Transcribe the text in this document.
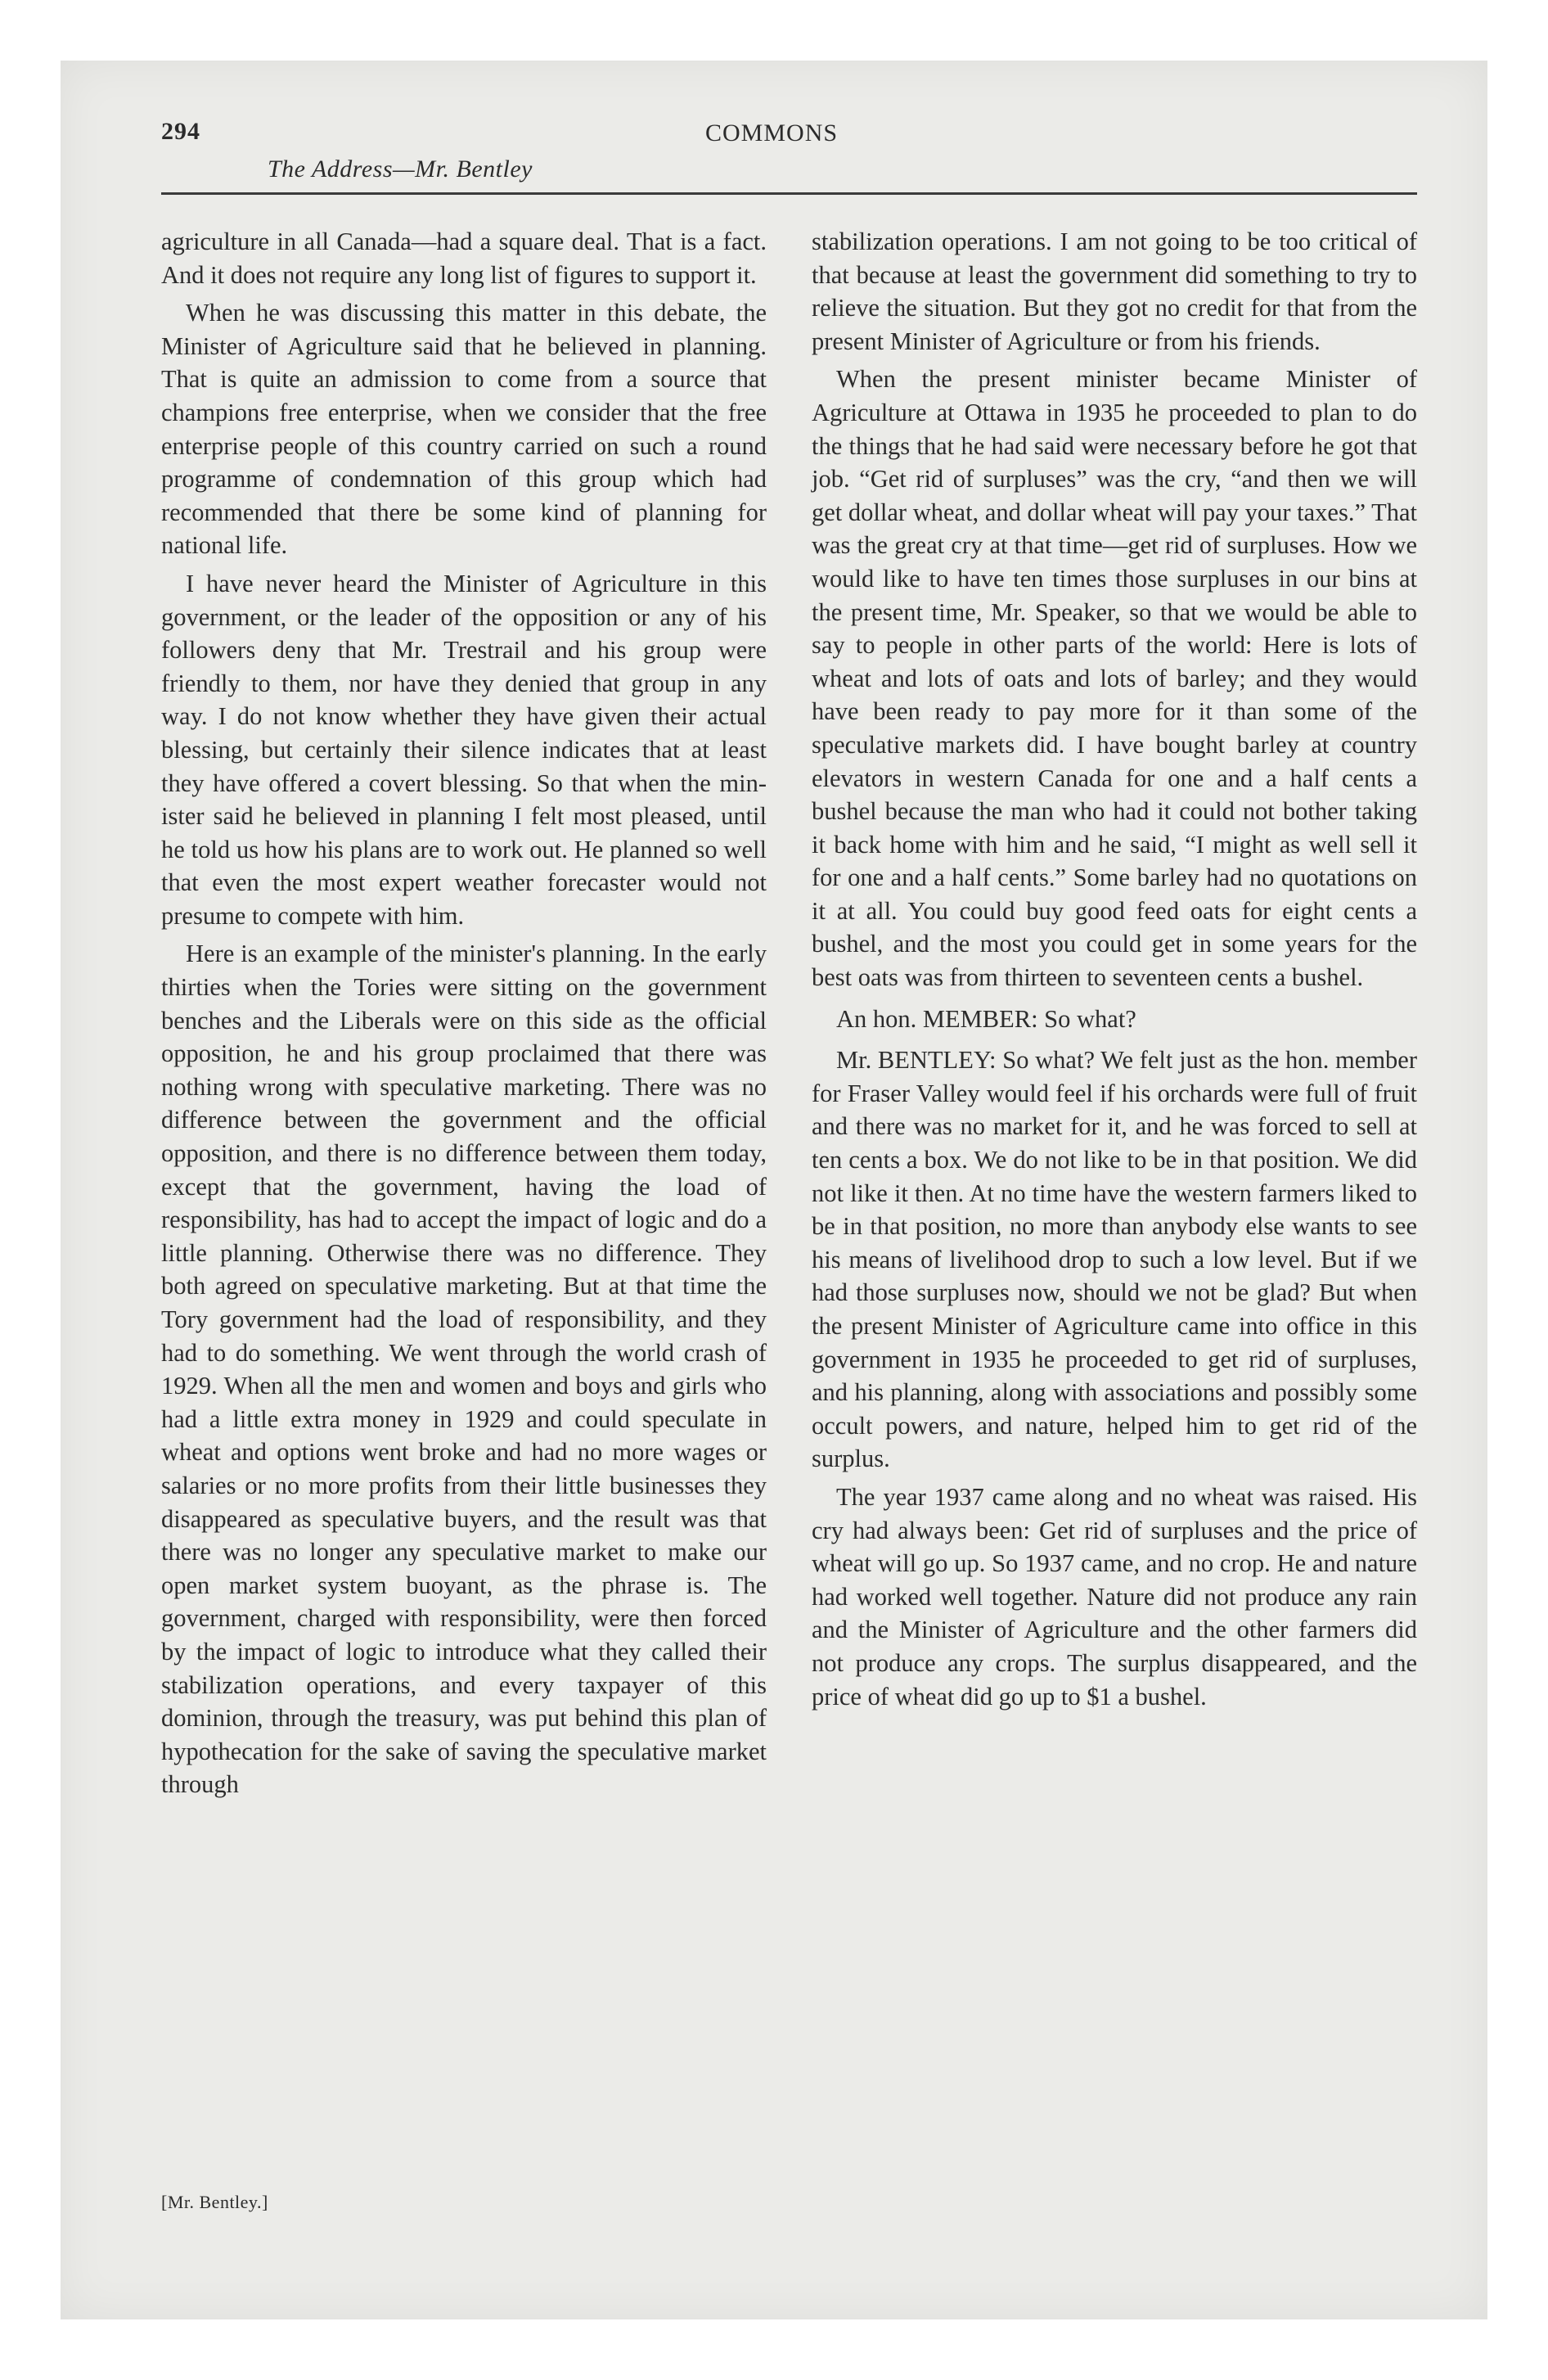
294
The Address—Mr. Bentley
COMMONS

agriculture in all Canada—had a square deal. That is a fact. And it does not require any long list of figures to support it.

When he was discussing this matter in this debate, the Minister of Agriculture said that he believed in planning. That is quite an admission to come from a source that champions free enterprise, when we consider that the free enterprise people of this country carried on such a round programme of condemnation of this group which had recommended that there be some kind of planning for national life.

I have never heard the Minister of Agriculture in this government, or the leader of the opposition or any of his followers deny that Mr. Trestrail and his group were friendly to them, nor have they denied that group in any way. I do not know whether they have given their actual blessing, but certainly their silence indicates that at least they have offered a covert blessing. So that when the minister said he believed in planning I felt most pleased, until he told us how his plans are to work out. He planned so well that even the most expert weather forecaster would not presume to compete with him.

Here is an example of the minister's planning. In the early thirties when the Tories were sitting on the government benches and the Liberals were on this side as the official opposition, he and his group proclaimed that there was nothing wrong with speculative marketing. There was no difference between the government and the official opposition, and there is no difference between them today, except that the government, having the load of responsibility, has had to accept the impact of logic and do a little planning. Otherwise there was no difference. They both agreed on speculative marketing. But at that time the Tory government had the load of responsibility, and they had to do something. We went through the world crash of 1929. When all the men and women and boys and girls who had a little extra money in 1929 and could speculate in wheat and options went broke and had no more wages or salaries or no more profits from their little businesses they disappeared as speculative buyers, and the result was that there was no longer any speculative market to make our open market system buoyant, as the phrase is. The government, charged with responsibility, were then forced by the impact of logic to introduce what they called their stabilization operations, and every taxpayer of this dominion, through the treasury, was put behind this plan of hypothecation for the sake of saving the speculative market through

[Mr. Bentley.]

stabilization operations. I am not going to be too critical of that because at least the government did something to try to relieve the situation. But they got no credit for that from the present Minister of Agriculture or from his friends.

When the present minister became Minister of Agriculture at Ottawa in 1935 he proceeded to plan to do the things that he had said were necessary before he got that job. “Get rid of surpluses” was the cry, “and then we will get dollar wheat, and dollar wheat will pay your taxes.” That was the great cry at that time—get rid of surpluses. How we would like to have ten times those surpluses in our bins at the present time, Mr. Speaker, so that we would be able to say to people in other parts of the world: Here is lots of wheat and lots of oats and lots of barley; and they would have been ready to pay more for it than some of the speculative markets did. I have bought barley at country elevators in western Canada for one and a half cents a bushel because the man who had it could not bother taking it back home with him and he said, “I might as well sell it for one and a half cents.” Some barley had no quotations on it at all. You could buy good feed oats for eight cents a bushel, and the most you could get in some years for the best oats was from thirteen to seventeen cents a bushel.

An hon. MEMBER: So what?

Mr. BENTLEY: So what? We felt just as the hon. member for Fraser Valley would feel if his orchards were full of fruit and there was no market for it, and he was forced to sell at ten cents a box. We do not like to be in that position. We did not like it then. At no time have the western farmers liked to be in that position, no more than anybody else wants to see his means of livelihood drop to such a low level. But if we had those surpluses now, should we not be glad? But when the present Minister of Agriculture came into office in this government in 1935 he proceeded to get rid of surpluses, and his planning, along with associations and possibly some occult powers, and nature, helped him to get rid of the surplus.

The year 1937 came along and no wheat was raised. His cry had always been: Get rid of surpluses and the price of wheat will go up. So 1937 came, and no crop. He and nature had worked well together. Nature did not produce any rain and the Minister of Agriculture and the other farmers did not produce any crops. The surplus disappeared, and the price of wheat did go up to $1 a bushel.
